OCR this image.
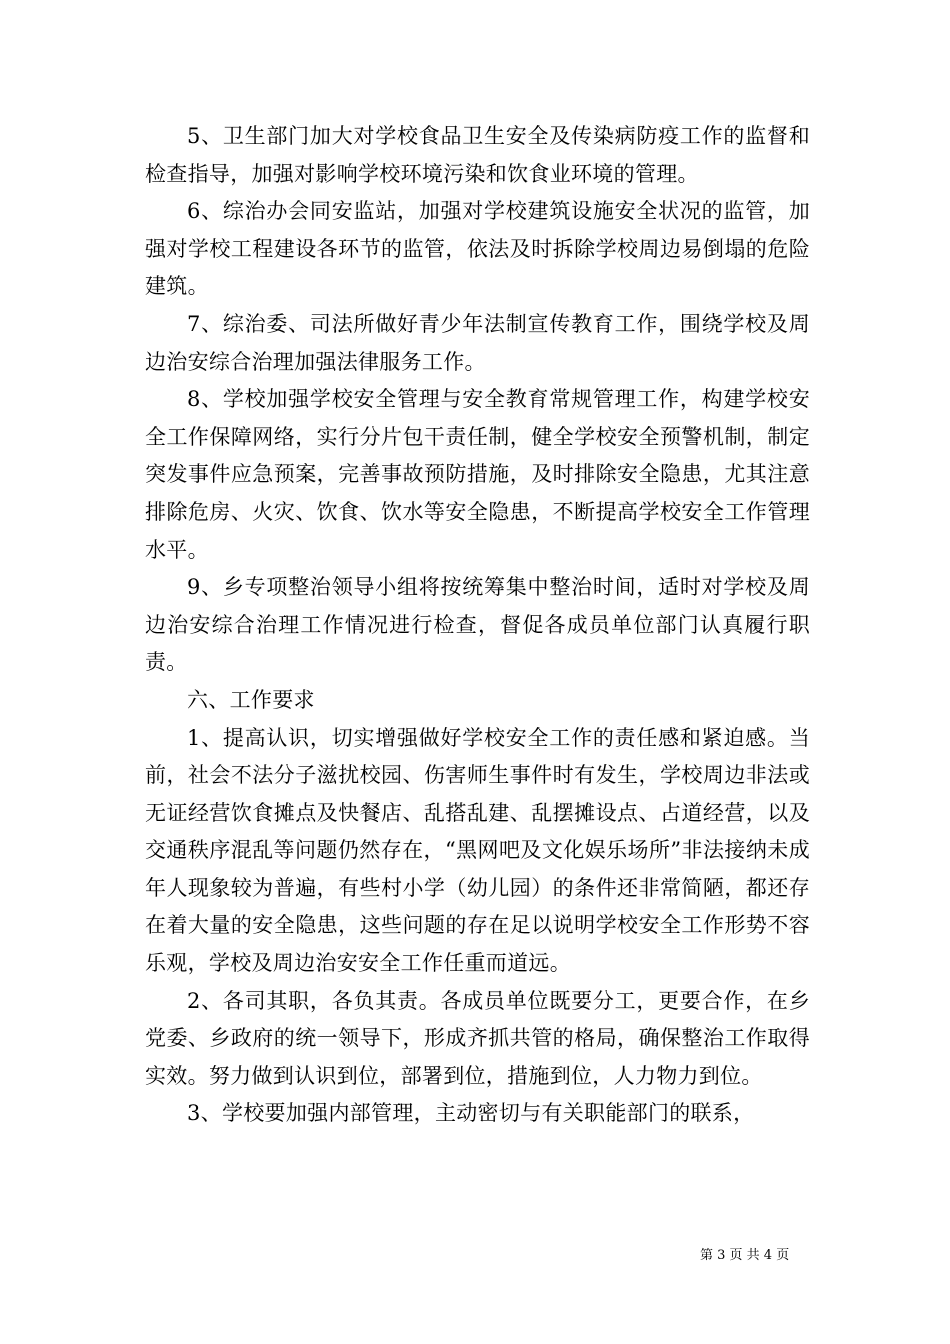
5、卫生部门加大对学校食品卫生安全及传染病防疫工作的监督和检查指导，加强对影响学校环境污染和饮食业环境的管理。

6、综治办会同安监站，加强对学校建筑设施安全状况的监管，加强对学校工程建设各环节的监管，依法及时拆除学校周边易倒塌的危险建筑。

7、综治委、司法所做好青少年法制宣传教育工作，围绕学校及周边治安综合治理加强法律服务工作。

8、学校加强学校安全管理与安全教育常规管理工作，构建学校安全工作保障网络，实行分片包干责任制，健全学校安全预警机制，制定突发事件应急预案，完善事故预防措施，及时排除安全隐患，尤其注意排除危房、火灾、饮食、饮水等安全隐患，不断提高学校安全工作管理水平。

9、乡专项整治领导小组将按统筹集中整治时间，适时对学校及周边治安综合治理工作情况进行检查，督促各成员单位部门认真履行职责。

六、工作要求

1、提高认识，切实增强做好学校安全工作的责任感和紧迫感。当前，社会不法分子滋扰校园、伤害师生事件时有发生，学校周边非法或无证经营饮食摊点及快餐店、乱搭乱建、乱摆摊设点、占道经营，以及交通秩序混乱等问题仍然存在，“黑网吧及文化娱乐场所”非法接纳未成年人现象较为普遍，有些村小学（幼儿园）的条件还非常简陋，都还存在着大量的安全隐患，这些问题的存在足以说明学校安全工作形势不容乐观，学校及周边治安安全工作任重而道远。

2、各司其职，各负其责。各成员单位既要分工，更要合作，在乡党委、乡政府的统一领导下，形成齐抓共管的格局，确保整治工作取得实效。努力做到认识到位，部署到位，措施到位，人力物力到位。

3、学校要加强内部管理，主动密切与有关职能部门的联系，

第 3 页 共 4 页
